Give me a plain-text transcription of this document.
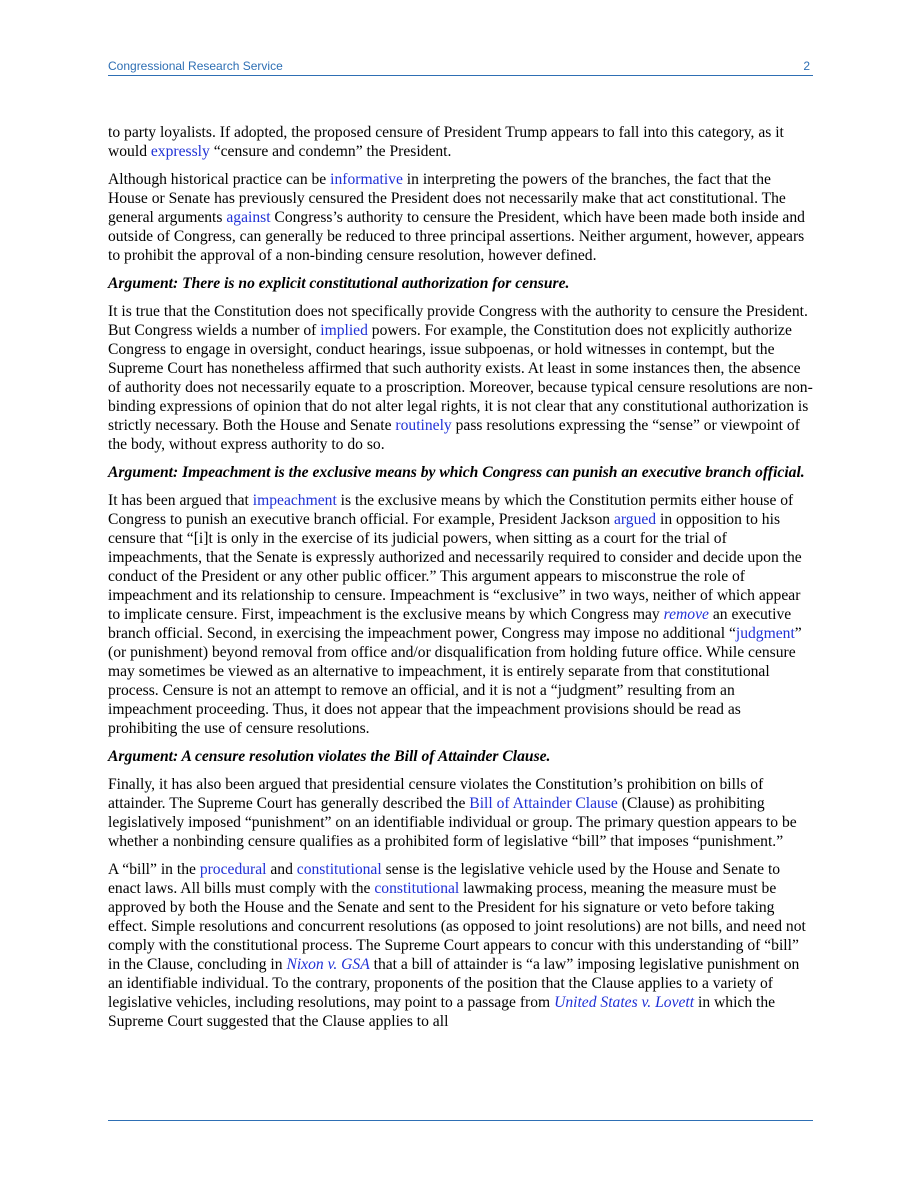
Congressional Research Service	2

to party loyalists. If adopted, the proposed censure of President Trump appears to fall into this category, as it would expressly “censure and condemn” the President.

Although historical practice can be informative in interpreting the powers of the branches, the fact that the House or Senate has previously censured the President does not necessarily make that act constitutional. The general arguments against Congress’s authority to censure the President, which have been made both inside and outside of Congress, can generally be reduced to three principal assertions. Neither argument, however, appears to prohibit the approval of a non-binding censure resolution, however defined.

Argument: There is no explicit constitutional authorization for censure.

It is true that the Constitution does not specifically provide Congress with the authority to censure the President. But Congress wields a number of implied powers. For example, the Constitution does not explicitly authorize Congress to engage in oversight, conduct hearings, issue subpoenas, or hold witnesses in contempt, but the Supreme Court has nonetheless affirmed that such authority exists. At least in some instances then, the absence of authority does not necessarily equate to a proscription. Moreover, because typical censure resolutions are non-binding expressions of opinion that do not alter legal rights, it is not clear that any constitutional authorization is strictly necessary. Both the House and Senate routinely pass resolutions expressing the “sense” or viewpoint of the body, without express authority to do so.

Argument: Impeachment is the exclusive means by which Congress can punish an executive branch official.

It has been argued that impeachment is the exclusive means by which the Constitution permits either house of Congress to punish an executive branch official. For example, President Jackson argued in opposition to his censure that “[i]t is only in the exercise of its judicial powers, when sitting as a court for the trial of impeachments, that the Senate is expressly authorized and necessarily required to consider and decide upon the conduct of the President or any other public officer.” This argument appears to misconstrue the role of impeachment and its relationship to censure. Impeachment is “exclusive” in two ways, neither of which appear to implicate censure. First, impeachment is the exclusive means by which Congress may remove an executive branch official. Second, in exercising the impeachment power, Congress may impose no additional “judgment” (or punishment) beyond removal from office and/or disqualification from holding future office. While censure may sometimes be viewed as an alternative to impeachment, it is entirely separate from that constitutional process. Censure is not an attempt to remove an official, and it is not a “judgment” resulting from an impeachment proceeding. Thus, it does not appear that the impeachment provisions should be read as prohibiting the use of censure resolutions.

Argument: A censure resolution violates the Bill of Attainder Clause.

Finally, it has also been argued that presidential censure violates the Constitution’s prohibition on bills of attainder. The Supreme Court has generally described the Bill of Attainder Clause (Clause) as prohibiting legislatively imposed “punishment” on an identifiable individual or group. The primary question appears to be whether a nonbinding censure qualifies as a prohibited form of legislative “bill” that imposes “punishment.”

A “bill” in the procedural and constitutional sense is the legislative vehicle used by the House and Senate to enact laws. All bills must comply with the constitutional lawmaking process, meaning the measure must be approved by both the House and the Senate and sent to the President for his signature or veto before taking effect. Simple resolutions and concurrent resolutions (as opposed to joint resolutions) are not bills, and need not comply with the constitutional process. The Supreme Court appears to concur with this understanding of “bill” in the Clause, concluding in Nixon v. GSA that a bill of attainder is “a law” imposing legislative punishment on an identifiable individual. To the contrary, proponents of the position that the Clause applies to a variety of legislative vehicles, including resolutions, may point to a passage from United States v. Lovett in which the Supreme Court suggested that the Clause applies to all
